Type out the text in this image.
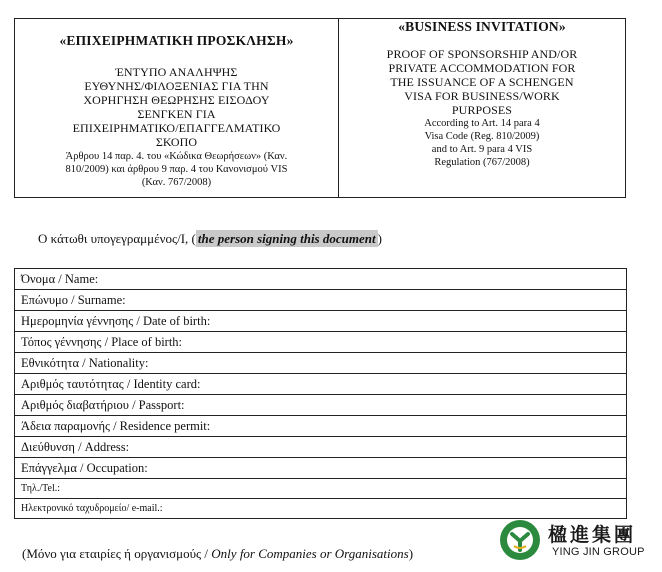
«ΕΠΙΧΕΙΡΗΜΑΤΙΚΗ ΠΡΟΣΚΛΗΣΗ»
ΈΝΤΥΠΟ ΑΝΑΛΗΨΗΣ
ΕΥΘΥΝΗΣ/ΦΙΛΟΞΕΝΙΑΣ ΓΙΑ ΤΗΝ
ΧΟΡΗΓΗΣΗ ΘΕΩΡΗΣΗΣ ΕΙΣΟΔΟΥ
ΣΕΝΓΚΕΝ ΓΙΑ
ΕΠΙΧΕΙΡΗΜΑΤΙΚΟ/ΕΠΑΓΓΕΛΜΑΤΙΚΟ
ΣΚΟΠΟ
Άρθρου 14 παρ. 4. του «Κώδικα Θεωρήσεων» (Καν.
810/2009) και άρθρου 9 παρ. 4 του Κανονισμού VIS
(Καν. 767/2008)
«BUSINESS INVITATION»
PROOF OF SPONSORSHIP AND/OR
PRIVATE ACCOMMODATION FOR
THE ISSUANCE OF A SCHENGEN
VISA FOR BUSINESS/WORK
PURPOSES
According to Art. 14 para 4
Visa Code (Reg. 810/2009)
and to Art. 9 para 4 VIS
Regulation (767/2008)
Ο κάτωθι υπογεγραμμένος/I, ( the person signing this document )
Όνομα / Name:
Επώνυμο / Surname:
Ημερομηνία γέννησης / Date of birth:
Τόπος γέννησης / Place of birth:
Εθνικότητα / Nationality:
Αριθμός ταυτότητας / Identity card:
Αριθμός διαβατήριου / Passport:
Άδεια παραμονής / Residence permit:
Διεύθυνση / Address:
Επάγγελμα / Occupation:
Τηλ./Tel.:
Ηλεκτρονικό ταχυδρομείο/ e-mail.:
(Μόνο για εταιρίες ή οργανισμούς / Only for Companies or Organisations)
楹進集團
YING JIN GROUP
